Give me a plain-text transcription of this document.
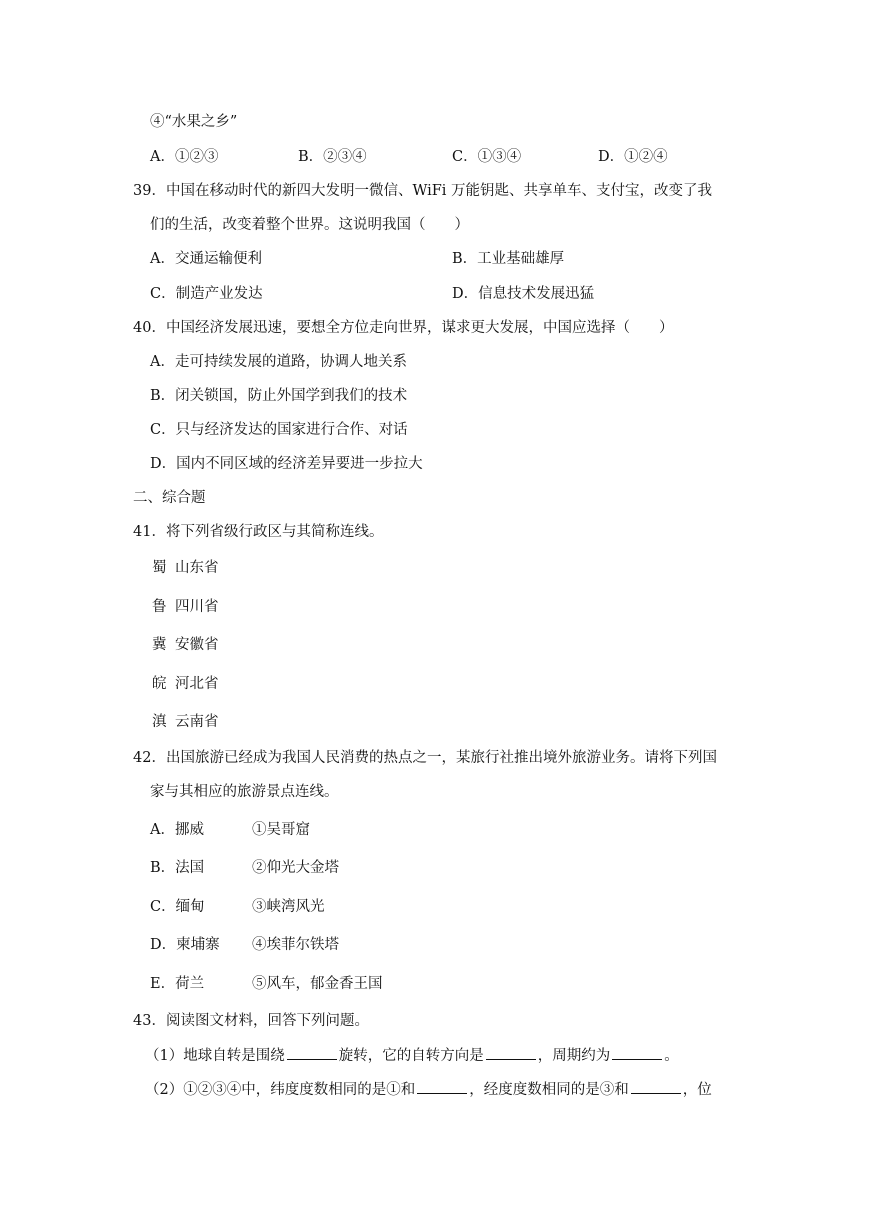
④“水果之乡”
A．①②③	B．②③④	C．①③④	D．①②④
39．中国在移动时代的新四大发明一微信、WiFi 万能钥匙、共享单车、支付宝，改变了我
们的生活，改变着整个世界。这说明我国（　　）
A．交通运输便利	B．工业基础雄厚
C．制造产业发达	D．信息技术发展迅猛
40．中国经济发展迅速，要想全方位走向世界，谋求更大发展，中国应选择（　　）
A．走可持续发展的道路，协调人地关系
B．闭关锁国，防止外国学到我们的技术
C．只与经济发达的国家进行合作、对话
D．国内不同区域的经济差异要进一步拉大
二、综合题
41．将下列省级行政区与其简称连线。
蜀 山东省
鲁 四川省
冀 安徽省
皖 河北省
滇 云南省
42．出国旅游已经成为我国人民消费的热点之一，某旅行社推出境外旅游业务。请将下列国
家与其相应的旅游景点连线。
A．挪威	①吴哥窟
B．法国	②仰光大金塔
C．缅甸	③峡湾风光
D．柬埔寨 ④埃菲尔铁塔
E．荷兰	⑤风车，郁金香王国
43．阅读图文材料，回答下列问题。
（1）地球自转是围绕	旋转，它的自转方向是	，周期约为	。
（2）①②③④中，纬度度数相同的是①和	，经度度数相同的是③和	，位
